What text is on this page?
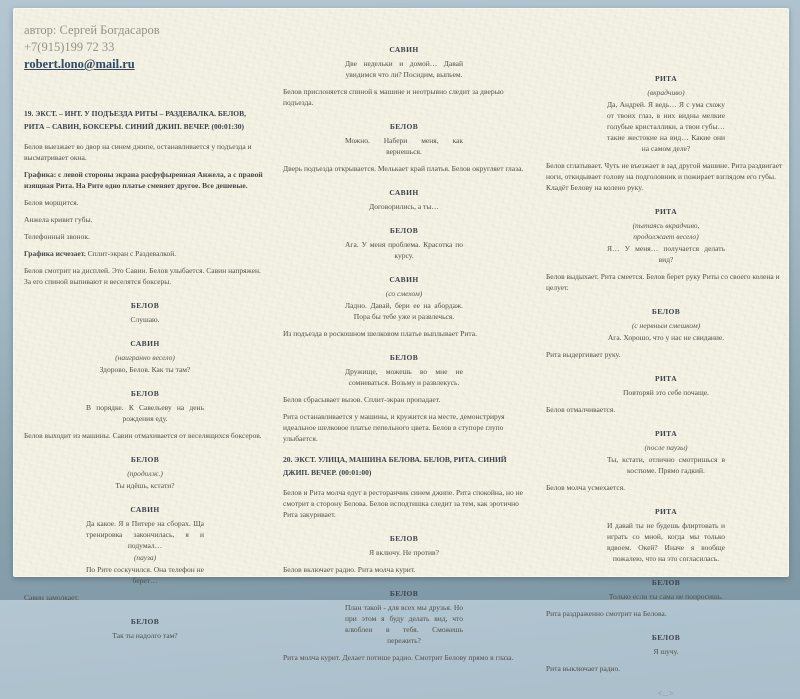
автор: Сергей Богдасаров
+7(915)199 72 33
robert.lono@mail.ru
19. ЭКСТ. – ИНТ. У ПОДЪЕЗДА РИТЫ – РАЗДЕВАЛКА. БЕЛОВ, РИТА – САВИН, БОКСЕРЫ. СИНИЙ ДЖИП. ВЕЧЕР. (00:01:30)
Белов выезжает во двор на синем джипе, останавливается у подъезда и высматривает окна.
Графика: с левой стороны экрана расфуфыренная Анжела, а с правой изящная Рита. На Рите одно платье сменяет другое. Все дешевые.
Белов морщится.
Анжела кривит губы.
Телефонный звонок.
Графика исчезает. Сплит-экран с Раздевалкой.
Белов смотрит на дисплей. Это Савин. Белов улыбается. Савин напряжен. За его спиной выпивают и веселятся боксеры.
БЕЛОВ
Слушаю.
САВИН
(наигранно весело)
Здорово, Белов. Как ты там?
БЕЛОВ
В порядке. К Савельеву на день рождения еду.
Белов выходит из машины. Савин отмахивается от веселящихся боксеров.
БЕЛОВ
(продолж.)
Ты идёшь, кстати?
САВИН
Да какое. Я в Питере на сборах. Ща тренировка закончилась, я и подумал…
(пауза)
По Рите соскучился. Она телефон не берет…
Савин замолкает.
БЕЛОВ
Так ты надолго там?
САВИН
Две недельки и домой… Давай увидимся что ли? Посидим, выпьем.
Белов прислоняется спиной к машине и неотрывно следит за дверью подъезда.
БЕЛОВ
Можно. Набери меня, как вернешься.
Дверь подъезда открывается. Мелькает край платья. Белов округляет глаза.
САВИН
Договорились, а ты…
БЕЛОВ
Ага. У меня проблема. Красотка по курсу.
САВИН
(со смехом)
Ладно. Давай, бери ее на абордаж. Пора бы тебе уже и развлечься.
Из подъезда в роскошном шелковом платье выплывает Рита.
БЕЛОВ
Дружище, можешь во мне не сомневаться. Возьму и развлекусь.
Белов сбрасывает вызов. Сплит-экран пропадает.
Рита останавливается у машины, и кружится на месте, демонстрируя идеальное шелковое платье пепельного цвета. Белов в ступоре глупо улыбается.
20. ЭКСТ. УЛИЦА, МАШИНА БЕЛОВА. БЕЛОВ, РИТА. СИНИЙ ДЖИП. ВЕЧЕР. (00:01:00)
Белов и Рита молча едут в ресторанчик синем джипе. Рита спокойна, но не смотрит в сторону Белова. Белов исподтишка следит за тем, как эротично Рита закуривает.
БЕЛОВ
Я включу. Не против?
Белов включает радио. Рита молча курит.
БЕЛОВ
План такой - для всех мы друзья. Но при этом я буду делать вид, что влюблен в тебя. Сможешь пережить?
Рита молча курит. Делает потише радио. Смотрит Белову прямо в глаза.
РИТА
(вкрадчиво)
Да, Андрей. Я ведь… Я с ума схожу от твоих глаз, в них видны мелкие голубые кристаллики, а твои губы… такие жестокие на вид… Какие они на самом деле?
Белов сглатывает. Чуть не въезжает в зад другой машине. Рита раздвигает ноги, откидывает голову на подголовник и пожирает взглядом его губы. Кладёт Белову на колено руку.
РИТА
(пытаясь вкрадчиво, продолжает весело)
Я… У меня… получается делать вид?
Белов выдыхает. Рита смеется. Белов берет руку Риты со своего колена и целует.
БЕЛОВ
(с нервным смешком)
Ага. Хорошо, что у нас не свидание.
Рита выдергивает руку.
РИТА
Повторяй это себе почаще.
Белов отмалчивается.
РИТА
(после паузы)
Ты, кстати, отлично смотришься в костюме. Прямо гадкий.
Белов молча усмехается.
РИТА
И давай ты не будешь флиртовать и играть со мной, когда мы только вдвоем. Окей? Иначе я вообще пожалею, что на это согласилась.
БЕЛОВ
Только если ты сама не попросишь.
Рита раздраженно смотрит на Белова.
БЕЛОВ
Я шучу.
Рита выключает радио.
<..>
